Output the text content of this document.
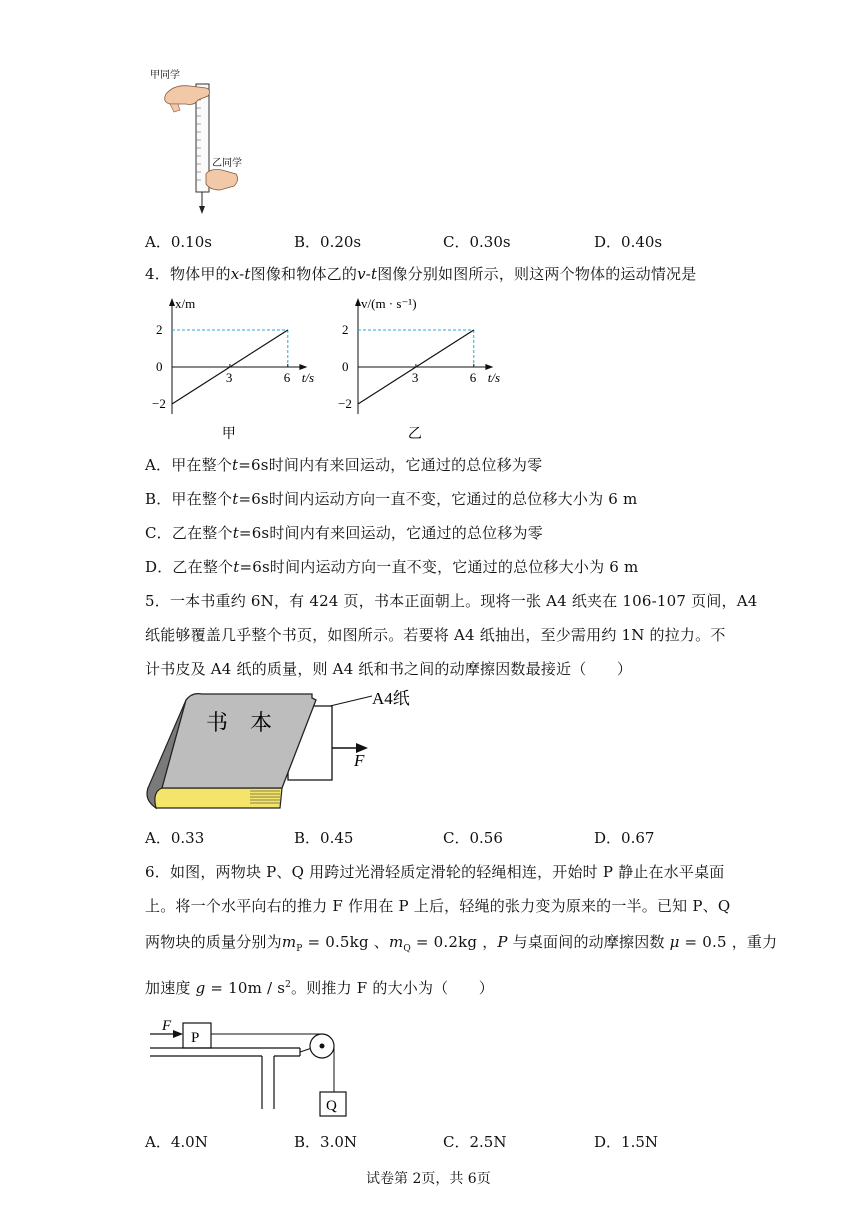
甲同学
乙同学
A．0.10s	B．0.20s	C．0.30s	D．0.40s
4．物体甲的x-t图像和物体乙的v-t图像分别如图所示，则这两个物体的运动情况是
3	6
2
0
−2
x/m
t/s
甲
3	6
2
0
−2
v/(m · s⁻¹)
t/s
乙
A．甲在整个t=6s时间内有来回运动，它通过的总位移为零
B．甲在整个t=6s时间内运动方向一直不变，它通过的总位移大小为 6 m
C．乙在整个t=6s时间内有来回运动，它通过的总位移为零
D．乙在整个t=6s时间内运动方向一直不变，它通过的总位移大小为 6 m
5．一本书重约 6N，有 424 页，书本正面朝上。现将一张 A4 纸夹在 106-107 页间，A4
纸能够覆盖几乎整个书页，如图所示。若要将 A4 纸抽出，至少需用约 1N 的拉力。不
计书皮及 A4 纸的质量，则 A4 纸和书之间的动摩擦因数最接近（　　）
A4纸
F
书　本
A．0.33	B．0.45	C．0.56	D．0.67
6．如图，两物块 P、Q 用跨过光滑轻质定滑轮的轻绳相连，开始时 P 静止在水平桌面
上。将一个水平向右的推力 F 作用在 P 上后，轻绳的张力变为原来的一半。已知 P、Q
两物块的质量分别为$m_P = 0.5kg$ 、$m_Q = 0.2kg$ ，P 与桌面间的动摩擦因数 μ = 0.5 ，重力
加速度 $g = 10m / s^2$。则推力 F 的大小为（　　）
F
P
Q
A．4.0N	B．3.0N	C．2.5N	D．1.5N
试卷第 2页，共 6页
